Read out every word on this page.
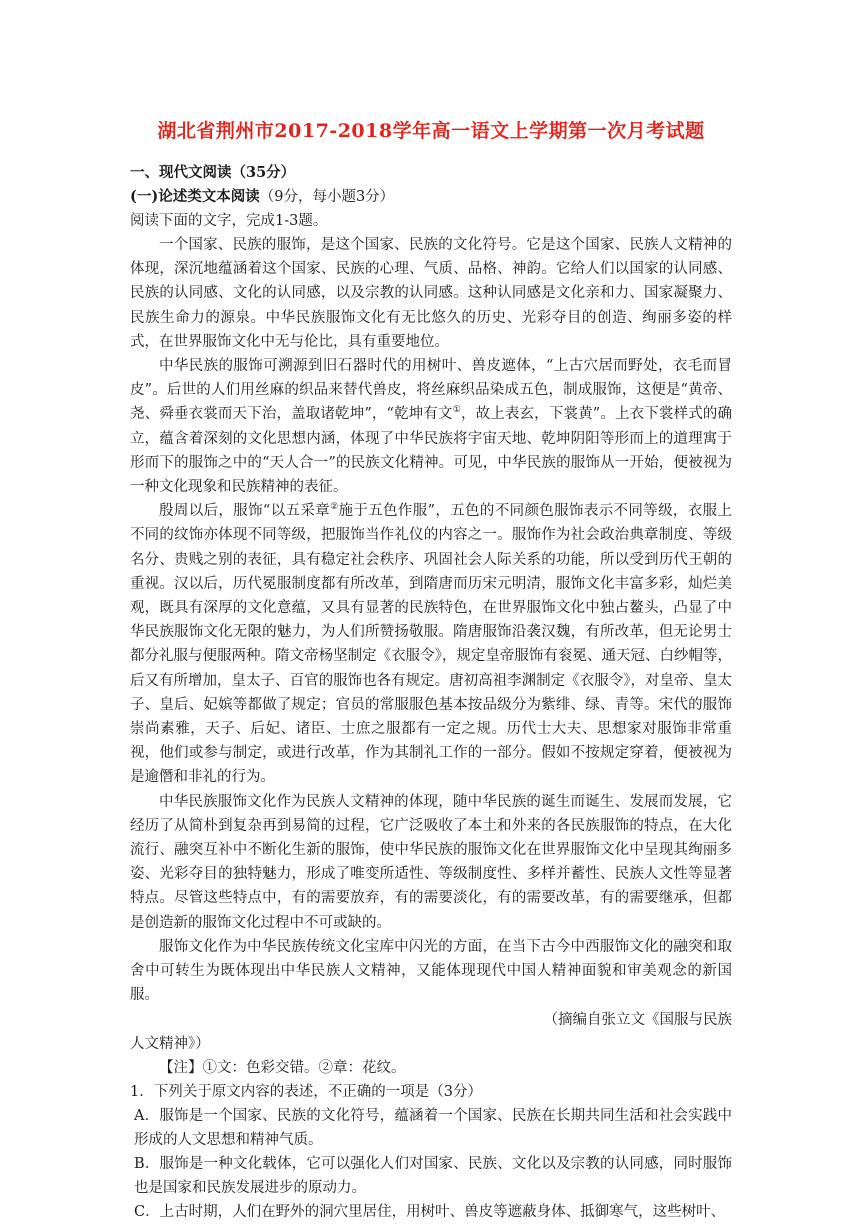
湖北省荆州市2017-2018学年高一语文上学期第一次月考试题
一、现代文阅读（35分）
(一)论述类文本阅读（9分，每小题3分）
阅读下面的文字，完成1-3题。

一个国家、民族的服饰，是这个国家、民族的文化符号。它是这个国家、民族人文精神的体现，深沉地蕴涵着这个国家、民族的心理、气质、品格、神韵。它给人们以国家的认同感、民族的认同感、文化的认同感，以及宗教的认同感。这种认同感是文化亲和力、国家凝聚力、民族生命力的源泉。中华民族服饰文化有无比悠久的历史、光彩夺目的创造、绚丽多姿的样式，在世界服饰文化中无与伦比，具有重要地位。

中华民族的服饰可溯源到旧石器时代的用树叶、兽皮遮体，“上古穴居而野处，衣毛而冒皮”。后世的人们用丝麻的织品来替代兽皮，将丝麻织品染成五色，制成服饰，这便是“黄帝、尧、舜垂衣裳而天下治，盖取诸乾坤”，“乾坤有文①，故上表玄，下裳黄”。上衣下裳样式的确立，蕴含着深刻的文化思想内涵，体现了中华民族将宇宙天地、乾坤阴阳等形而上的道理寓于形而下的服饰之中的“天人合一”的民族文化精神。可见，中华民族的服饰从一开始，便被视为一种文化现象和民族精神的表征。

殷周以后，服饰“以五采章②施于五色作服”，五色的不同颜色服饰表示不同等级，衣服上不同的纹饰亦体现不同等级，把服饰当作礼仪的内容之一。服饰作为社会政治典章制度、等级名分、贵贱之别的表征，具有稳定社会秩序、巩固社会人际关系的功能，所以受到历代王朝的重视。汉以后，历代冕服制度都有所改革，到隋唐而历宋元明清，服饰文化丰富多彩，灿烂美观，既具有深厚的文化意蕴，又具有显著的民族特色，在世界服饰文化中独占鳌头，凸显了中华民族服饰文化无限的魅力，为人们所赞扬敬服。隋唐服饰沿袭汉魏，有所改革，但无论男士都分礼服与便服两种。隋文帝杨坚制定《衣服令》，规定皇帝服饰有衮冕、通天冠、白纱帽等，后又有所增加，皇太子、百官的服饰也各有规定。唐初高祖李渊制定《衣服令》，对皇帝、皇太子、皇后、妃嫔等都做了规定；官员的常服服色基本按品级分为紫绯、绿、青等。宋代的服饰崇尚素雅，天子、后妃、诸臣、士庶之服都有一定之规。历代士大夫、思想家对服饰非常重视，他们或参与制定，或进行改革，作为其制礼工作的一部分。假如不按规定穿着，便被视为是逾僭和非礼的行为。

中华民族服饰文化作为民族人文精神的体现，随中华民族的诞生而诞生、发展而发展，它经历了从简朴到复杂再到易简的过程，它广泛吸收了本土和外来的各民族服饰的特点，在大化流行、融突互补中不断化生新的服饰，使中华民族的服饰文化在世界服饰文化中呈现其绚丽多姿、光彩夺目的独特魅力，形成了唯变所适性、等级制度性、多样并蓄性、民族人文性等显著特点。尽管这些特点中，有的需要放弃，有的需要淡化，有的需要改革，有的需要继承，但都是创造新的服饰文化过程中不可或缺的。

服饰文化作为中华民族传统文化宝库中闪光的方面，在当下古今中西服饰文化的融突和取舍中可转生为既体现出中华民族人文精神，又能体现现代中国人精神面貌和审美观念的新国服。

（摘编自张立文《国服与民族
人文精神》）
【注】①文：色彩交错。②章：花纹。
1．下列关于原文内容的表述，不正确的一项是（3分）
A．服饰是一个国家、民族的文化符号，蕴涵着一个国家、民族在长期共同生活和社会实践中形成的人文思想和精神气质。
B．服饰是一种文化载体，它可以强化人们对国家、民族、文化以及宗教的认同感，同时服饰也是国家和民族发展进步的原动力。
C．上古时期，人们在野外的洞穴里居住，用树叶、兽皮等遮蔽身体、抵御寒气，这些树叶、
